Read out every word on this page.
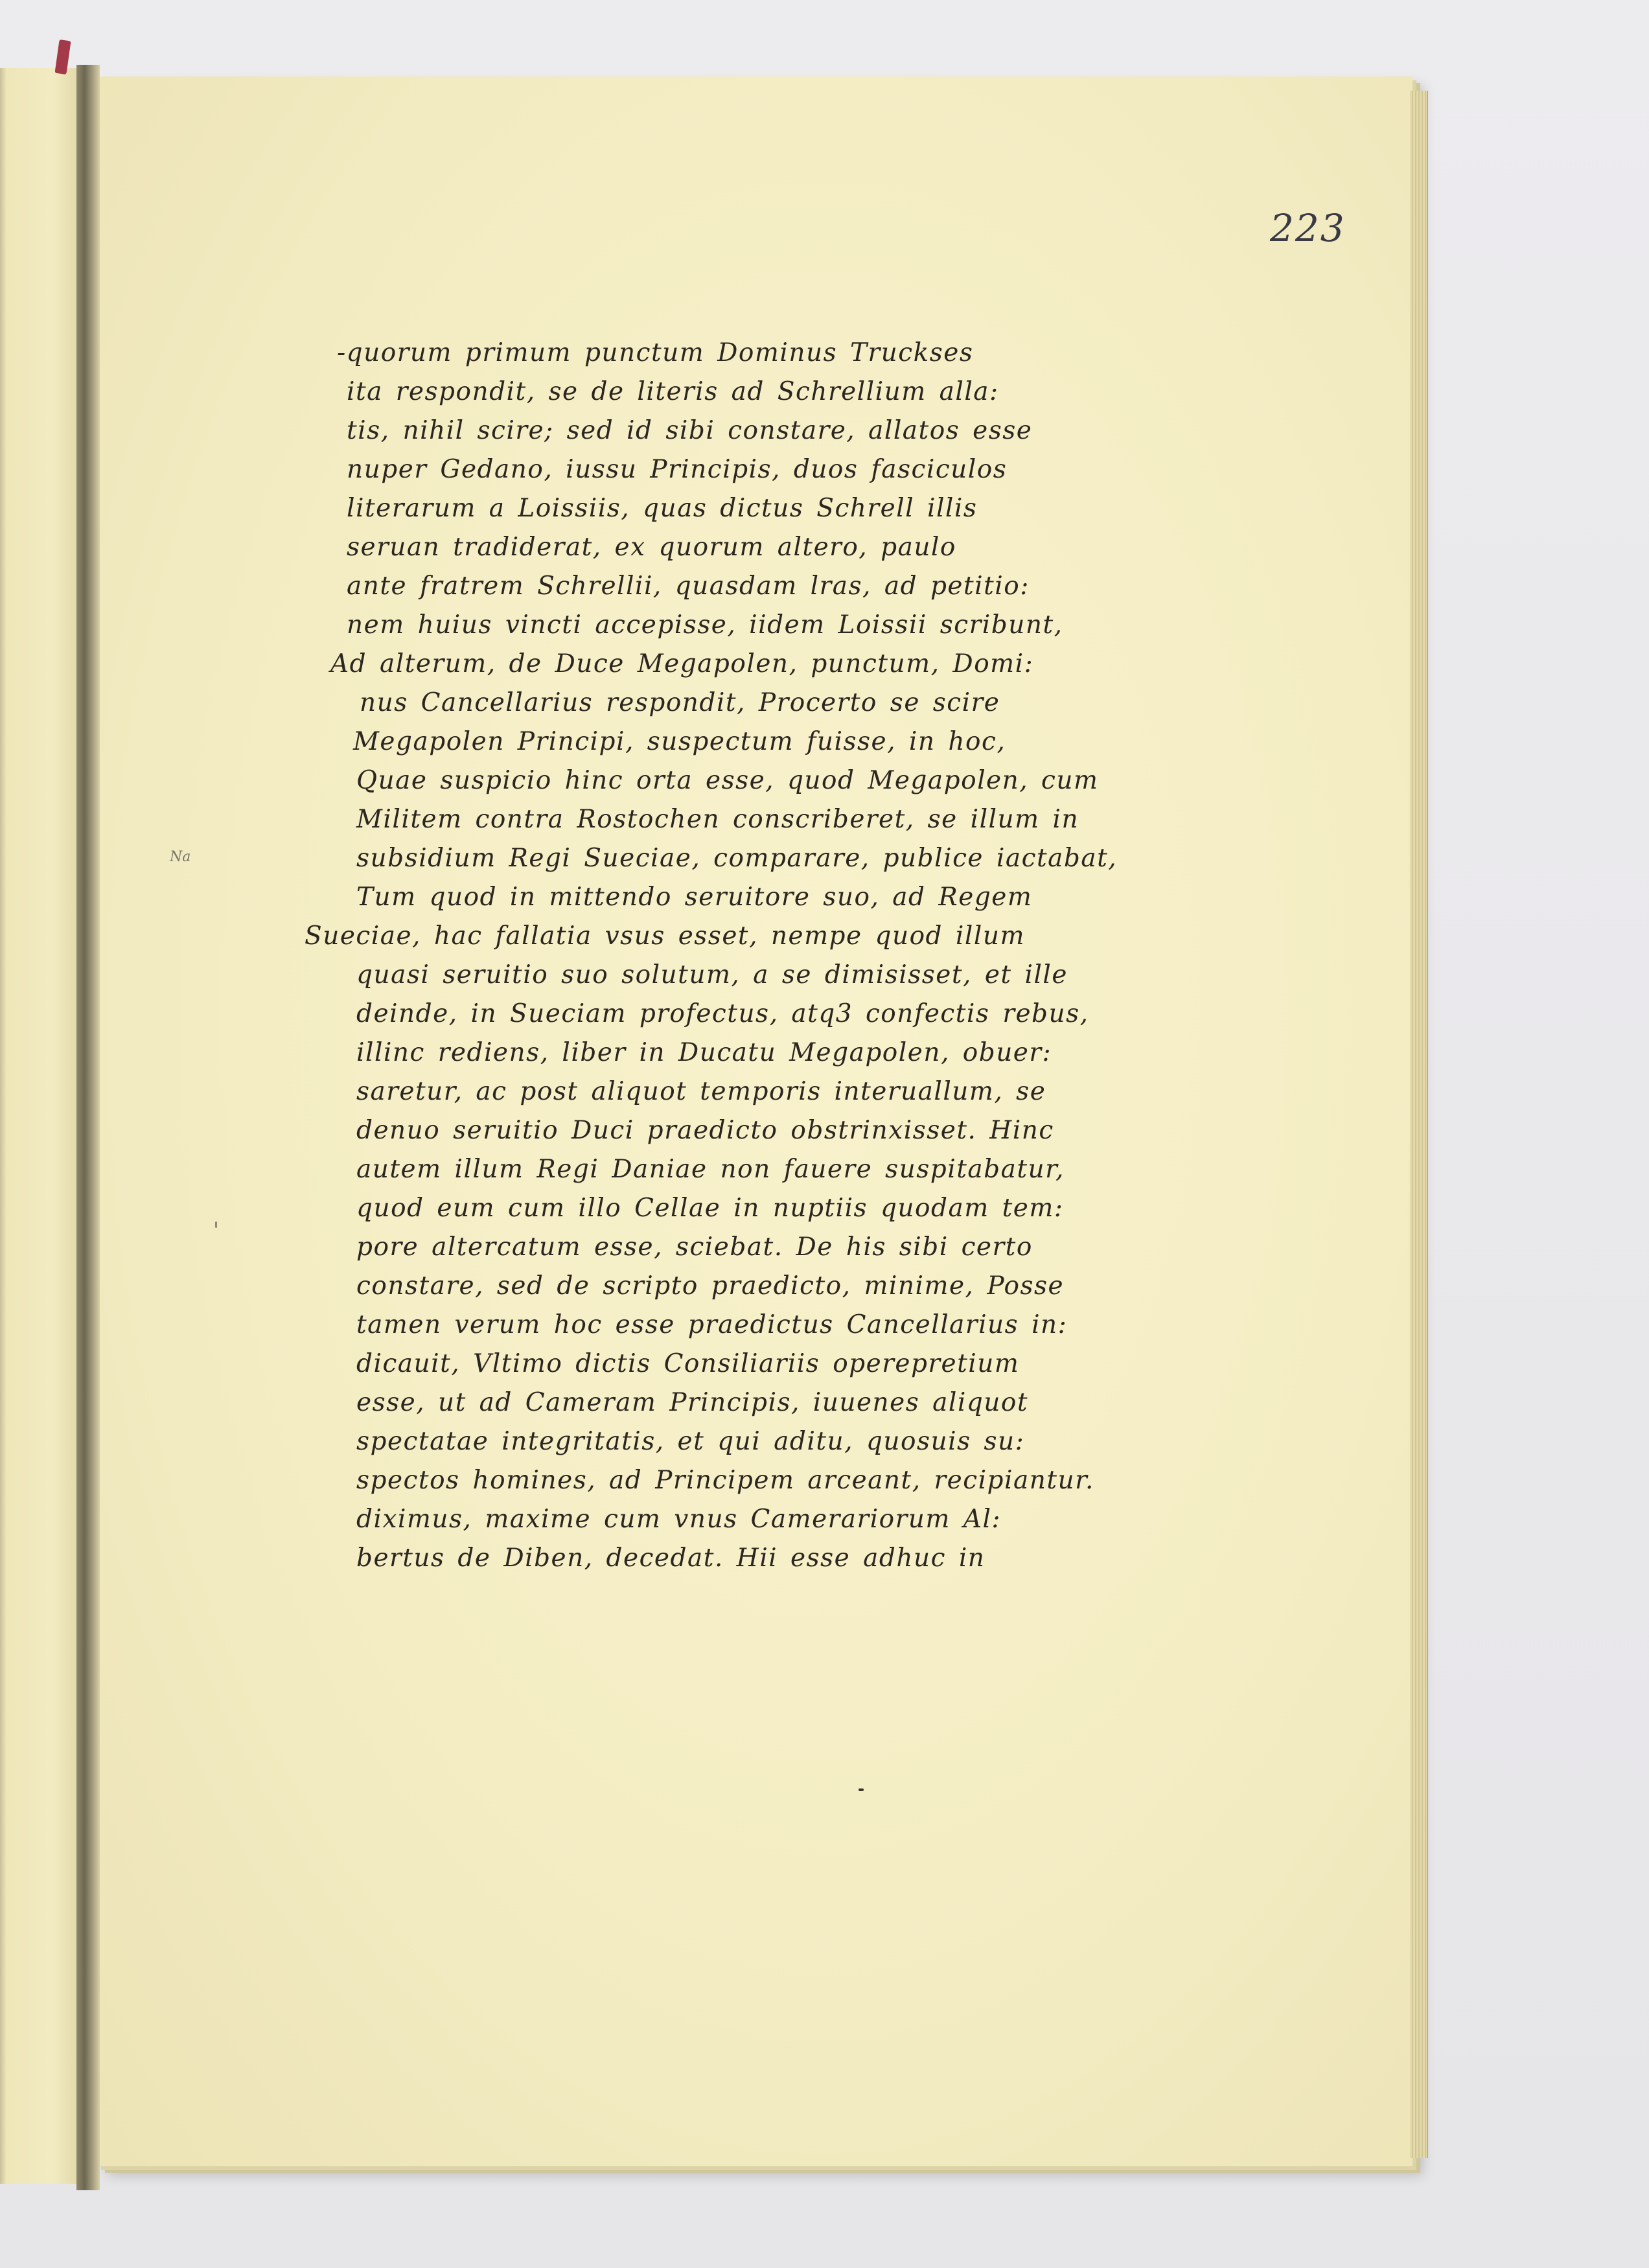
223
Na
-quorum primum punctum Dominus Truckses
ita respondit, se de literis ad Schrellium alla:
tis, nihil scire; sed id sibi constare, allatos esse
nuper Gedano, iussu Principis, duos fasciculos
literarum a Loissiis, quas dictus Schrell illis
seruan tradiderat, ex quorum altero, paulo
ante fratrem Schrellii, quasdam lras, ad petitio:
nem huius vincti accepisse, iidem Loissii scribunt,
Ad alterum, de Duce Megapolen, punctum, Domi:
nus Cancellarius respondit, Procerto se scire
Megapolen Principi, suspectum fuisse, in hoc,
Quae suspicio hinc orta esse, quod Megapolen, cum
Militem contra Rostochen conscriberet, se illum in
subsidium Regi Sueciae, comparare, publice iactabat,
Tum quod in mittendo seruitore suo, ad Regem
Sueciae, hac fallatia vsus esset, nempe quod illum
quasi seruitio suo solutum, a se dimisisset, et ille
deinde, in Sueciam profectus, atq3 confectis rebus,
illinc rediens, liber in Ducatu Megapolen, obuer:
saretur, ac post aliquot temporis interuallum, se
denuo seruitio Duci praedicto obstrinxisset. Hinc
autem illum Regi Daniae non fauere suspitabatur,
quod eum cum illo Cellae in nuptiis quodam tem:
pore altercatum esse, sciebat. De his sibi certo
constare, sed de scripto praedicto, minime, Posse
tamen verum hoc esse praedictus Cancellarius in:
dicauit, Vltimo dictis Consiliariis operepretium
esse, ut ad Cameram Principis, iuuenes aliquot
spectatae integritatis, et qui aditu, quosuis su:
spectos homines, ad Principem arceant, recipiantur.
diximus, maxime cum vnus Camerariorum Al:
bertus de Diben, decedat. Hii esse adhuc in
